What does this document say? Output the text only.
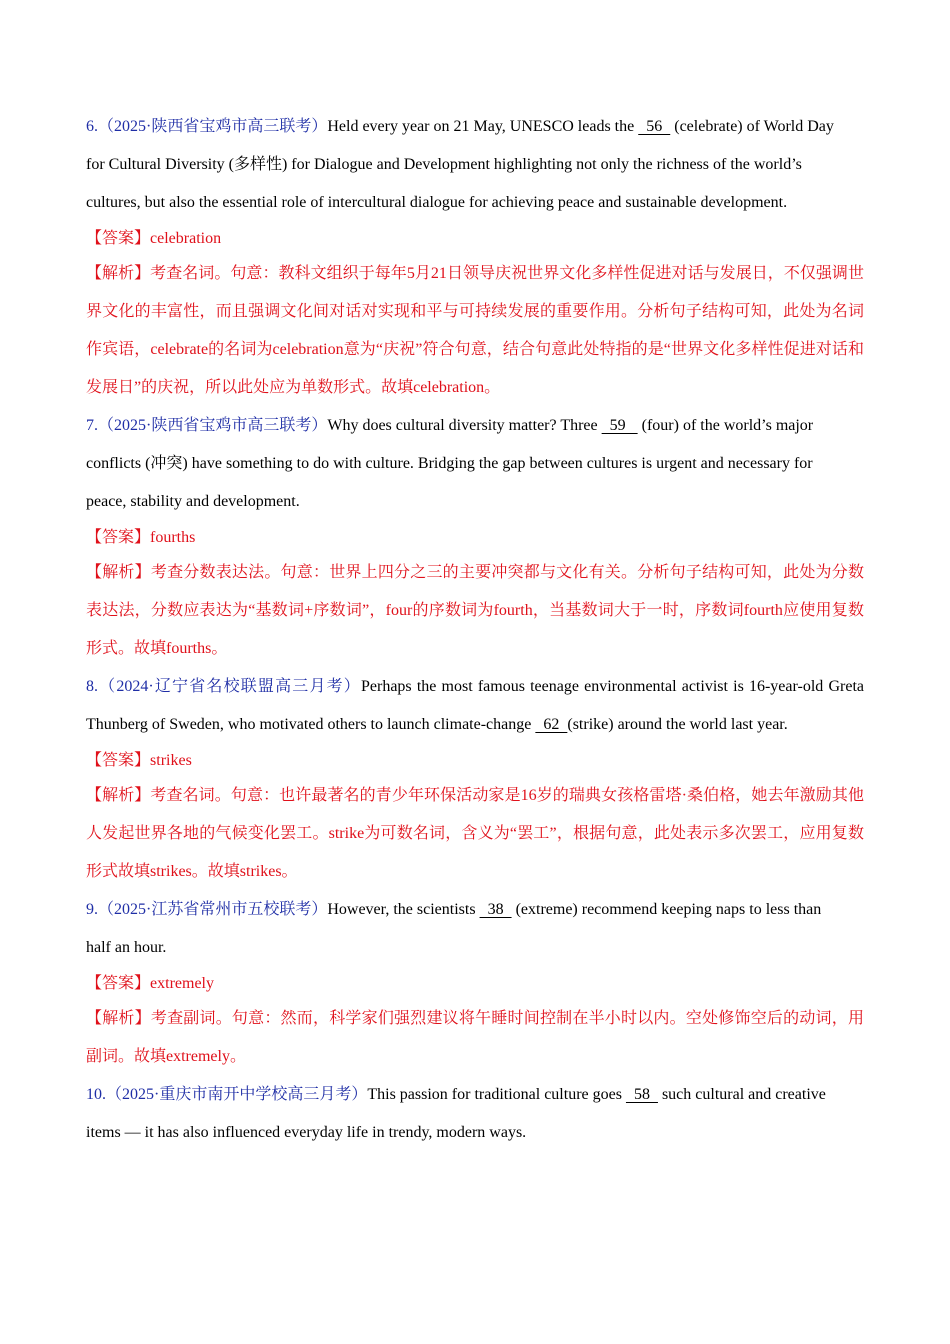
6.（2025·陕西省宝鸡市高三联考）Held every year on 21 May, UNESCO leads the   56   (celebrate) of World Day for Cultural Diversity (多样性) for Dialogue and Development highlighting not only the richness of the world’s cultures, but also the essential role of intercultural dialogue for achieving peace and sustainable development.

【答案】celebration

【解析】考查名词。句意：教科文组织于每年5月21日领导庆祝世界文化多样性促进对话与发展日，不仅强调世界文化的丰富性，而且强调文化间对话对实现和平与可持续发展的重要作用。分析句子结构可知，此处为名词作宾语，celebrate的名词为celebration意为“庆祝”符合句意，结合句意此处特指的是“世界文化多样性促进对话和发展日”的庆祝，所以此处应为单数形式。故填celebration。

7.（2025·陕西省宝鸡市高三联考）Why does cultural diversity matter? Three   59    (four) of the world’s major conflicts (冲突) have something to do with culture. Bridging the gap between cultures is urgent and necessary for peace, stability and development.

【答案】fourths

【解析】考查分数表达法。句意：世界上四分之三的主要冲突都与文化有关。分析句子结构可知，此处为分数表达法，分数应表达为“基数词+序数词”，four的序数词为fourth，当基数词大于一时，序数词fourth应使用复数形式。故填fourths。

8.（2024·辽宁省名校联盟高三月考）Perhaps the most famous teenage environmental activist is 16-year-old Greta Thunberg of Sweden, who motivated others to launch climate-change   62  (strike) around the world last year.

【答案】strikes

【解析】考查名词。句意：也许最著名的青少年环保活动家是16岁的瑞典女孩格雷塔·桑伯格，她去年激励其他人发起世界各地的气候变化罢工。strike为可数名词，含义为“罢工”，根据句意，此处表示多次罢工，应用复数形式故填strikes。故填strikes。

9.（2025·江苏省常州市五校联考）However, the scientists   38   (extreme) recommend keeping naps to less than half an hour.

【答案】extremely

【解析】考查副词。句意：然而，科学家们强烈建议将午睡时间控制在半小时以内。空处修饰空后的动词，用副词。故填extremely。

10.（2025·重庆市南开中学校高三月考）This passion for traditional culture goes   58   such cultural and creative items — it has also influenced everyday life in trendy, modern ways.
